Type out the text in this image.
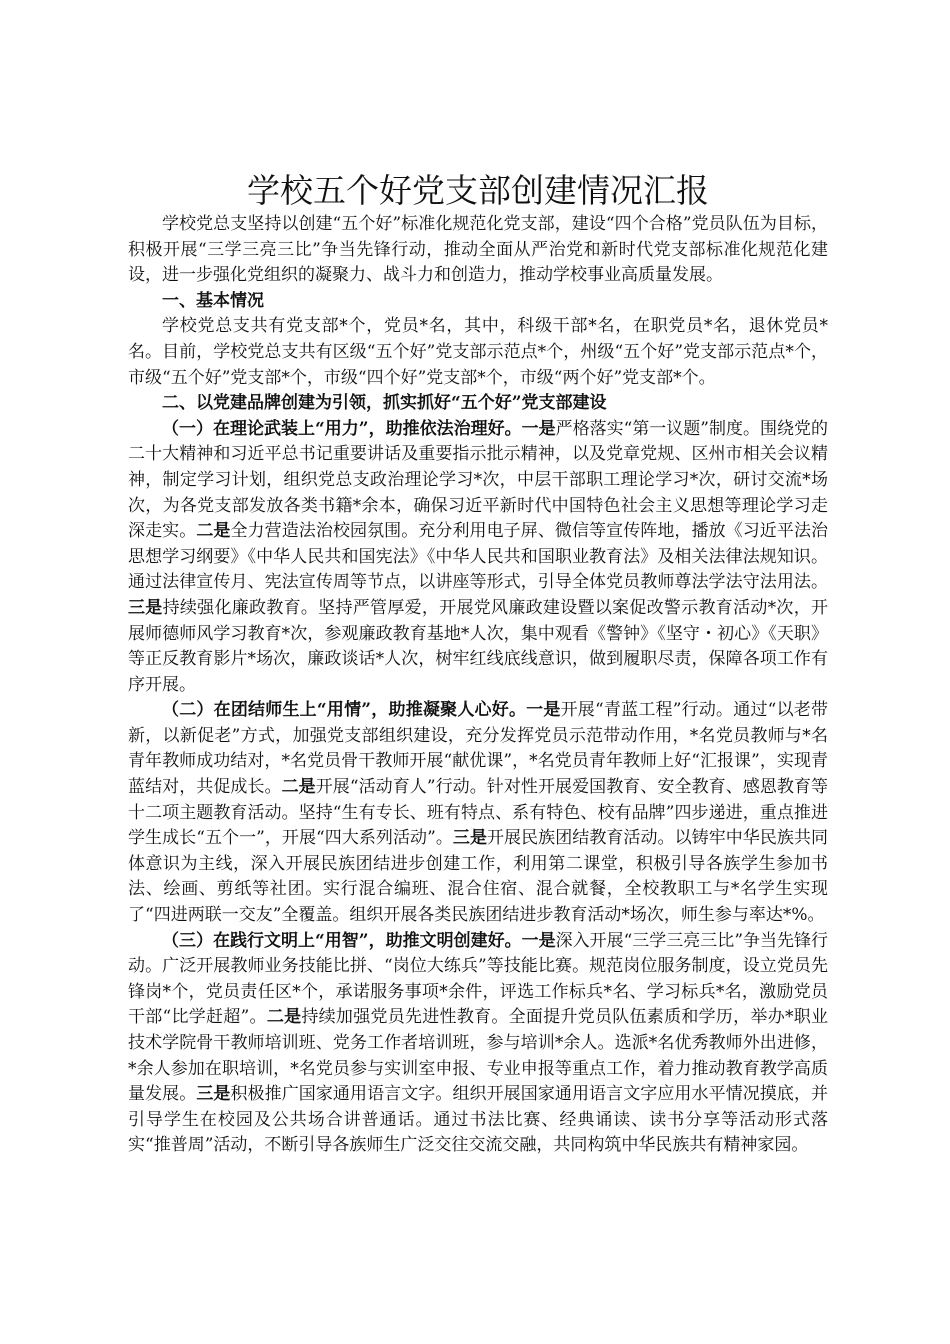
学校五个好党支部创建情况汇报

学校党总支坚持以创建“五个好”标准化规范化党支部，建设“四个合格”党员队伍为目标，积极开展“三学三亮三比”争当先锋行动，推动全面从严治党和新时代党支部标准化规范化建设，进一步强化党组织的凝聚力、战斗力和创造力，推动学校事业高质量发展。

一、基本情况

学校党总支共有党支部*个，党员*名，其中，科级干部*名，在职党员*名，退休党员*名。目前，学校党总支共有区级“五个好”党支部示范点*个，州级“五个好”党支部示范点*个，市级“五个好”党支部*个，市级“四个好”党支部*个，市级“两个好”党支部*个。

二、以党建品牌创建为引领，抓实抓好“五个好”党支部建设

（一）在理论武装上“用力”，助推依法治理好。一是严格落实“第一议题”制度。围绕党的二十大精神和习近平总书记重要讲话及重要指示批示精神，以及党章党规、区州市相关会议精神，制定学习计划，组织党总支政治理论学习*次，中层干部职工理论学习*次，研讨交流*场次，为各党支部发放各类书籍*余本，确保习近平新时代中国特色社会主义思想等理论学习走深走实。二是全力营造法治校园氛围。充分利用电子屏、微信等宣传阵地，播放《习近平法治思想学习纲要》《中华人民共和国宪法》《中华人民共和国职业教育法》及相关法律法规知识。通过法律宣传月、宪法宣传周等节点，以讲座等形式，引导全体党员教师尊法学法守法用法。三是持续强化廉政教育。坚持严管厚爱，开展党风廉政建设暨以案促改警示教育活动*次，开展师德师风学习教育*次，参观廉政教育基地*人次，集中观看《警钟》《坚守・初心》《天职》等正反教育影片*场次，廉政谈话*人次，树牢红线底线意识，做到履职尽责，保障各项工作有序开展。

（二）在团结师生上“用情”，助推凝聚人心好。一是开展“青蓝工程”行动。通过“以老带新，以新促老”方式，加强党支部组织建设，充分发挥党员示范带动作用，*名党员教师与*名青年教师成功结对，*名党员骨干教师开展“献优课”，*名党员青年教师上好“汇报课”，实现青蓝结对，共促成长。二是开展“活动育人”行动。针对性开展爱国教育、安全教育、感恩教育等十二项主题教育活动。坚持“生有专长、班有特点、系有特色、校有品牌”四步递进，重点推进学生成长“五个一”，开展“四大系列活动”。三是开展民族团结教育活动。以铸牢中华民族共同体意识为主线，深入开展民族团结进步创建工作，利用第二课堂，积极引导各族学生参加书法、绘画、剪纸等社团。实行混合编班、混合住宿、混合就餐，全校教职工与*名学生实现了“四进两联一交友”全覆盖。组织开展各类民族团结进步教育活动*场次，师生参与率达*%。

（三）在践行文明上“用智”，助推文明创建好。一是深入开展“三学三亮三比”争当先锋行动。广泛开展教师业务技能比拼、“岗位大练兵”等技能比赛。规范岗位服务制度，设立党员先锋岗*个，党员责任区*个，承诺服务事项*余件，评选工作标兵*名、学习标兵*名，激励党员干部“比学赶超”。二是持续加强党员先进性教育。全面提升党员队伍素质和学历，举办*职业技术学院骨干教师培训班、党务工作者培训班，参与培训*余人。选派*名优秀教师外出进修，*余人参加在职培训，*名党员参与实训室申报、专业申报等重点工作，着力推动教育教学高质量发展。三是积极推广国家通用语言文字。组织开展国家通用语言文字应用水平情况摸底，并引导学生在校园及公共场合讲普通话。通过书法比赛、经典诵读、读书分享等活动形式落实“推普周”活动，不断引导各族师生广泛交往交流交融，共同构筑中华民族共有精神家园。
